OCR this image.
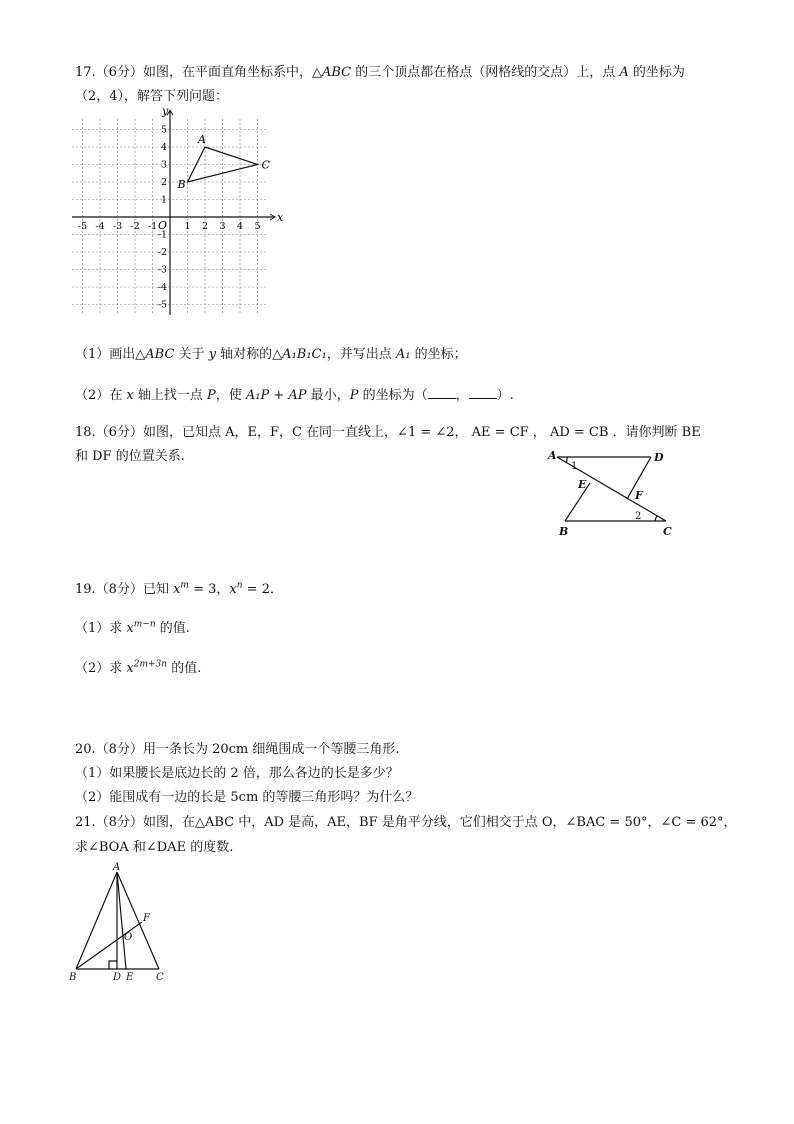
17.（6分）如图，在平面直角坐标系中，△ABC 的三个顶点都在格点（网格线的交点）上，点 A 的坐标为
（2，4），解答下列问题：
x
y
O
-5 -4 -3 -2 -1	1 2 3 4 5
5
4
3
2
1
-1
-2
-3
-4
-5
A
B
C
（1）画出△ABC 关于 y 轴对称的△A₁B₁C₁，并写出点 A₁ 的坐标；
（2）在 x 轴上找一点 P，使 A₁P + AP 最小，P 的坐标为（ ， ）.
18.（6分）如图，已知点 A，E，F，C 在同一直线上，∠1 = ∠2， AE = CF ， AD = CB ．请你判断 BE
和 DF 的位置关系.	A	D
E
F
B	C
1
2
19.（8分）已知 $x^m = 3$，$x^n = 2$．
（1）求 $x^{m-n}$ 的值.
（2）求 $x^{2m+3n}$ 的值.
20.（8分）用一条长为 20cm 细绳围成一个等腰三角形.
（1）如果腰长是底边长的 2 倍，那么各边的长是多少？
（2）能围成有一边的长是 5cm 的等腰三角形吗？为什么？
21.（8分）如图，在△ABC 中，AD 是高，AE，BF 是角平分线，它们相交于点 O，∠BAC = 50°，∠C = 62°，
求∠BOA 和∠DAE 的度数.
A
B	C
D E
F
O
